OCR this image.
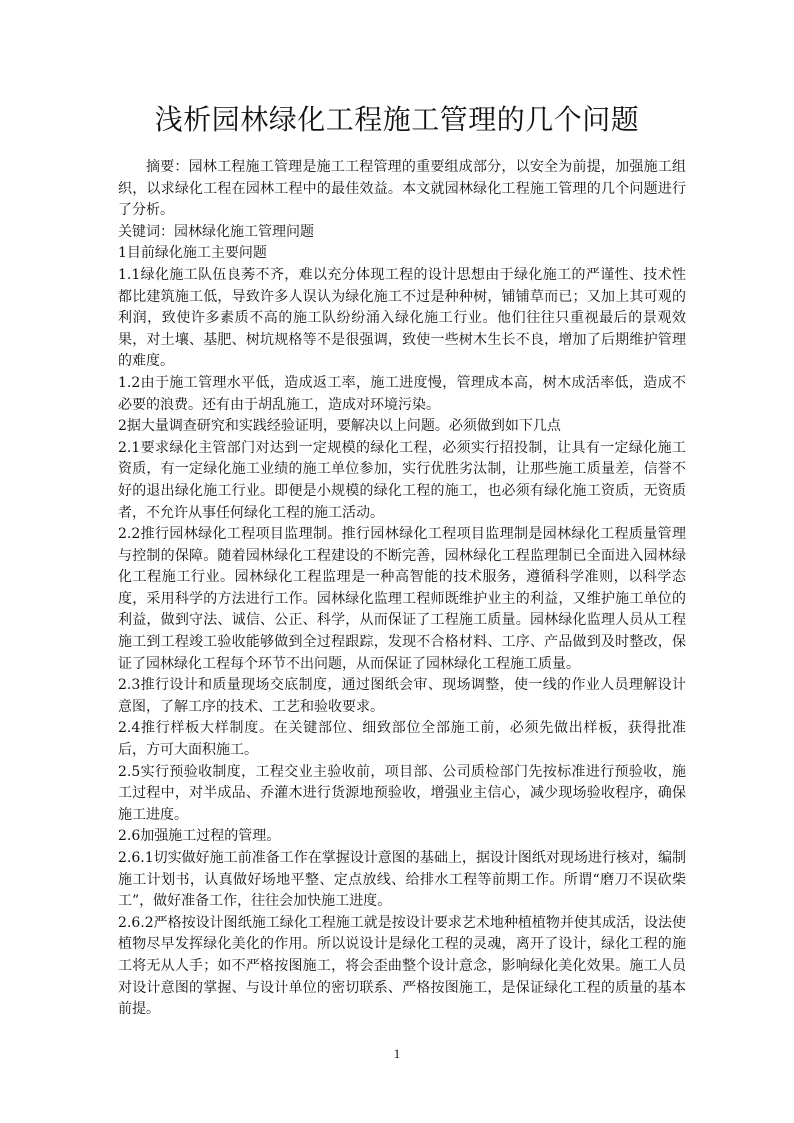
浅析园林绿化工程施工管理的几个问题

摘要：园林工程施工管理是施工工程管理的重要组成部分，以安全为前提，加强施工组织，以求绿化工程在园林工程中的最佳效益。本文就园林绿化工程施工管理的几个问题进行了分析。

关键词：园林绿化施工管理问题

1目前绿化施工主要问题

1.1绿化施工队伍良莠不齐，难以充分体现工程的设计思想由于绿化施工的严谨性、技术性都比建筑施工低，导致许多人误认为绿化施工不过是种种树，铺铺草而已；又加上其可观的利润，致使许多素质不高的施工队纷纷涌入绿化施工行业。他们往往只重视最后的景观效果，对土壤、基肥、树坑规格等不是很强调，致使一些树木生长不良，增加了后期维护管理的难度。

1.2由于施工管理水平低，造成返工率，施工进度慢，管理成本高，树木成活率低，造成不必要的浪费。还有由于胡乱施工，造成对环境污染。

2据大量调查研究和实践经验证明，要解决以上问题。必须做到如下几点

2.1要求绿化主管部门对达到一定规模的绿化工程，必须实行招投制，让具有一定绿化施工资质，有一定绿化施工业绩的施工单位参加，实行优胜劣汰制，让那些施工质量差，信誉不好的退出绿化施工行业。即便是小规模的绿化工程的施工，也必须有绿化施工资质，无资质者，不允许从事任何绿化工程的施工活动。

2.2推行园林绿化工程项目监理制。推行园林绿化工程项目监理制是园林绿化工程质量管理与控制的保障。随着园林绿化工程建设的不断完善，园林绿化工程监理制已全面进入园林绿化工程施工行业。园林绿化工程监理是一种高智能的技术服务，遵循科学准则，以科学态度，采用科学的方法进行工作。园林绿化监理工程师既维护业主的利益，又维护施工单位的利益，做到守法、诚信、公正、科学，从而保证了工程施工质量。园林绿化监理人员从工程施工到工程竣工验收能够做到全过程跟踪，发现不合格材料、工序、产品做到及时整改，保证了园林绿化工程每个环节不出问题，从而保证了园林绿化工程施工质量。

2.3推行设计和质量现场交底制度，通过图纸会审、现场调整，使一线的作业人员理解设计意图，了解工序的技术、工艺和验收要求。

2.4推行样板大样制度。在关键部位、细致部位全部施工前，必须先做出样板，获得批准后，方可大面积施工。

2.5实行预验收制度，工程交业主验收前，项目部、公司质检部门先按标准进行预验收，施工过程中，对半成品、乔灌木进行货源地预验收，增强业主信心，减少现场验收程序，确保施工进度。

2.6加强施工过程的管理。

2.6.1切实做好施工前准备工作在掌握设计意图的基础上，据设计图纸对现场进行核对，编制施工计划书，认真做好场地平整、定点放线、给排水工程等前期工作。所谓“磨刀不误砍柴工”，做好准备工作，往往会加快施工进度。

2.6.2严格按设计图纸施工绿化工程施工就是按设计要求艺术地种植植物并使其成活，设法使植物尽早发挥绿化美化的作用。所以说设计是绿化工程的灵魂，离开了设计，绿化工程的施工将无从人手；如不严格按图施工，将会歪曲整个设计意念，影响绿化美化效果。施工人员对设计意图的掌握、与设计单位的密切联系、严格按图施工，是保证绿化工程的质量的基本前提。

1
